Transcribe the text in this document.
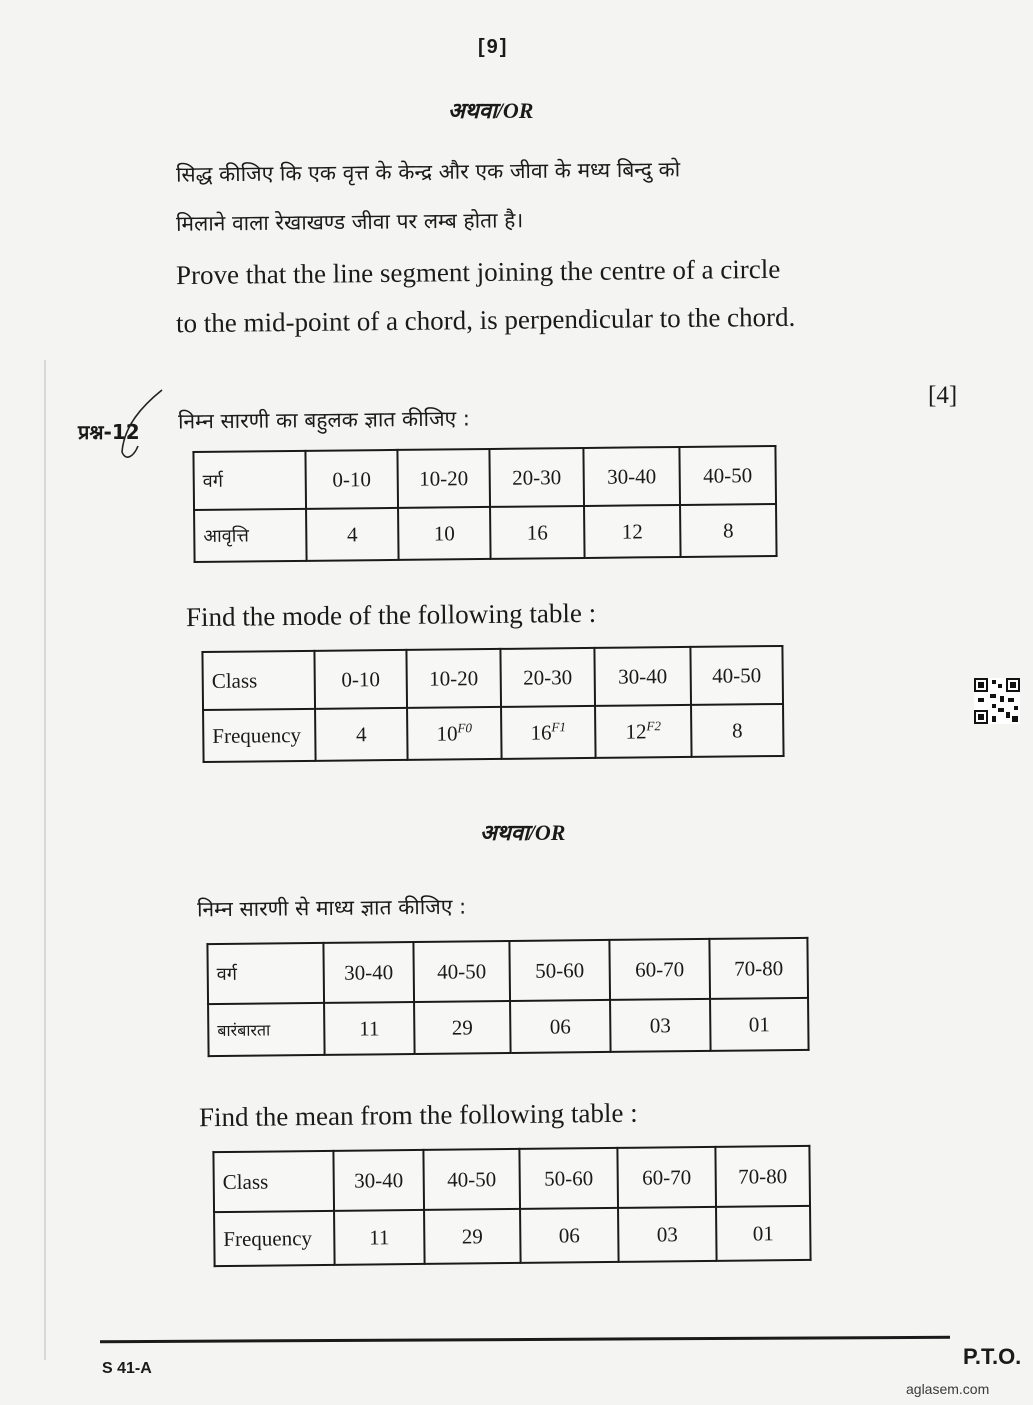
[9]
अथवा/OR
सिद्ध कीजिए कि एक वृत्त के केन्द्र और एक जीवा के मध्य बिन्दु को
मिलाने वाला रेखाखण्ड जीवा पर लम्ब होता है।
Prove that the line segment joining the centre of a circle
to the mid-point of a chord, is perpendicular to the chord.
[4]
प्रश्न-12 निम्न सारणी का बहुलक ज्ञात कीजिए :
वर्ग	0-10	10-20	20-30	30-40	40-50
आवृत्ति	4	10	16	12	8
Find the mode of the following table :
Class	0-10	10-20	20-30	30-40	40-50
Frequency	4	$10^{F0}$	$16^{F1}$	$12^{F2}$	8
अथवा/OR
निम्न सारणी से माध्य ज्ञात कीजिए :
वर्ग	30-40	40-50	50-60	60-70	70-80
बारंबारता	11	29	06	03	01
Find the mean from the following table :
Class	30-40	40-50	50-60	60-70	70-80
Frequency	11	29	06	03	01
S 41-A	P.T.O.
aglasem.com
